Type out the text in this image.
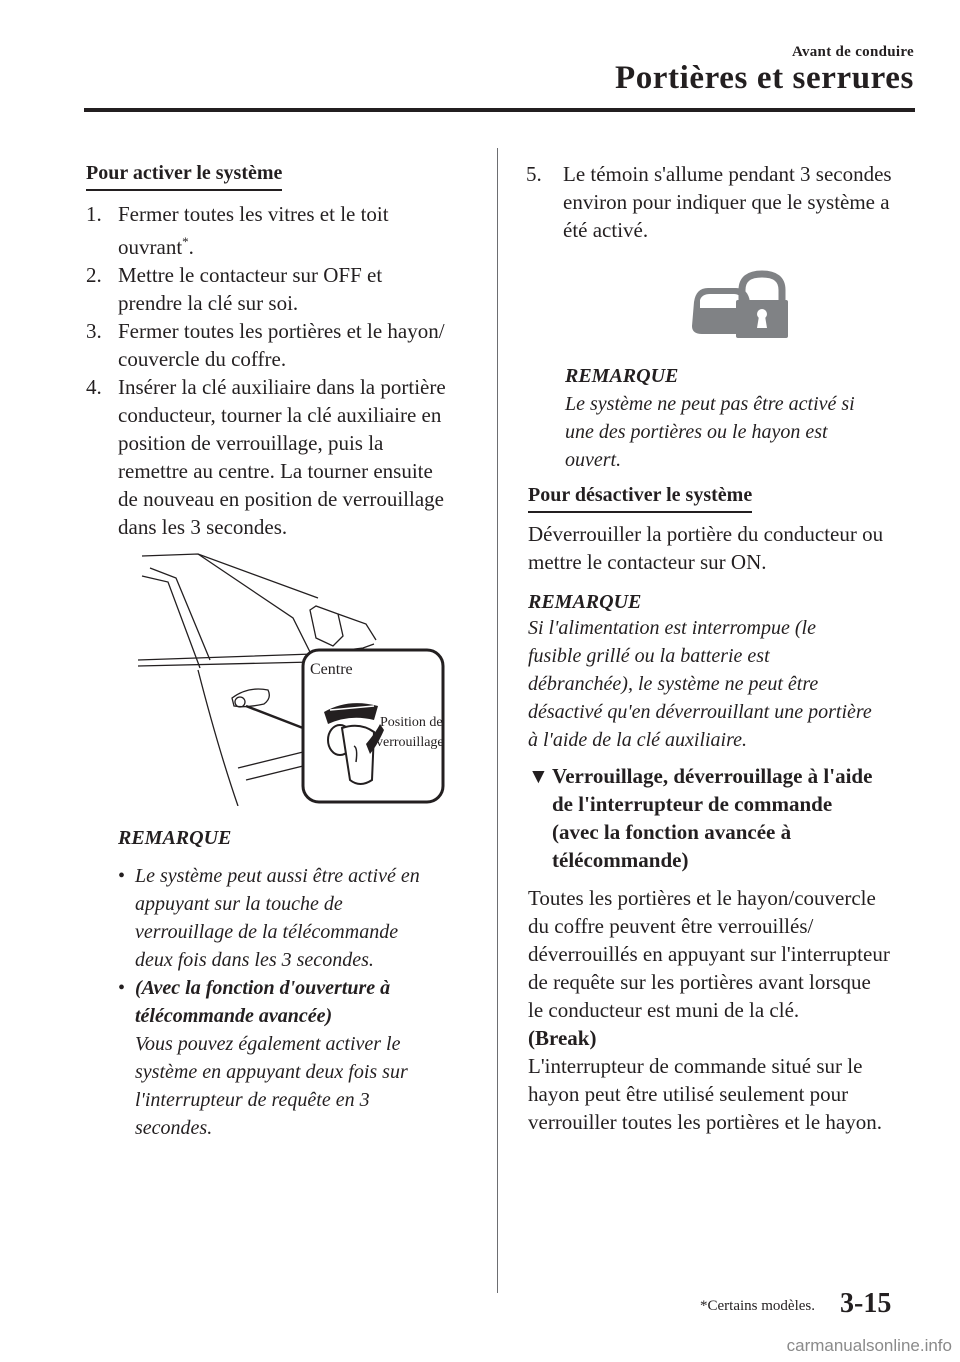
Avant de conduire
Portières et serrures
Pour activer le système
1. Fermer toutes les vitres et le toit
ouvrant*.
2. Mettre le contacteur sur OFF et
prendre la clé sur soi.
3. Fermer toutes les portières et le hayon/
couvercle du coffre.
4. Insérer la clé auxiliaire dans la portière
conducteur, tourner la clé auxiliaire en
position de verrouillage, puis la
remettre au centre. La tourner ensuite
de nouveau en position de verrouillage
dans les 3 secondes.
Centre
Position de
verrouillage
REMARQUE
• Le système peut aussi être activé en
appuyant sur la touche de
verrouillage de la télécommande
deux fois dans les 3 secondes.
• (Avec la fonction d'ouverture à
télécommande avancée)
Vous pouvez également activer le
système en appuyant deux fois sur
l'interrupteur de requête en 3
secondes.
5. Le témoin s'allume pendant 3 secondes
environ pour indiquer que le système a
été activé.
REMARQUE
Le système ne peut pas être activé si
une des portières ou le hayon est
ouvert.
Pour désactiver le système
Déverrouiller la portière du conducteur ou
mettre le contacteur sur ON.
REMARQUE
Si l'alimentation est interrompue (le
fusible grillé ou la batterie est
débranchée), le système ne peut être
désactivé qu'en déverrouillant une portière
à l'aide de la clé auxiliaire.
▼ Verrouillage, déverrouillage à l'aide
de l'interrupteur de commande
(avec la fonction avancée à
télécommande)
Toutes les portières et le hayon/couvercle
du coffre peuvent être verrouillés/
déverrouillés en appuyant sur l'interrupteur
de requête sur les portières avant lorsque
le conducteur est muni de la clé.
(Break)
L'interrupteur de commande situé sur le
hayon peut être utilisé seulement pour
verrouiller toutes les portières et le hayon.
*Certains modèles. 3-15
carmanualsonline.info
